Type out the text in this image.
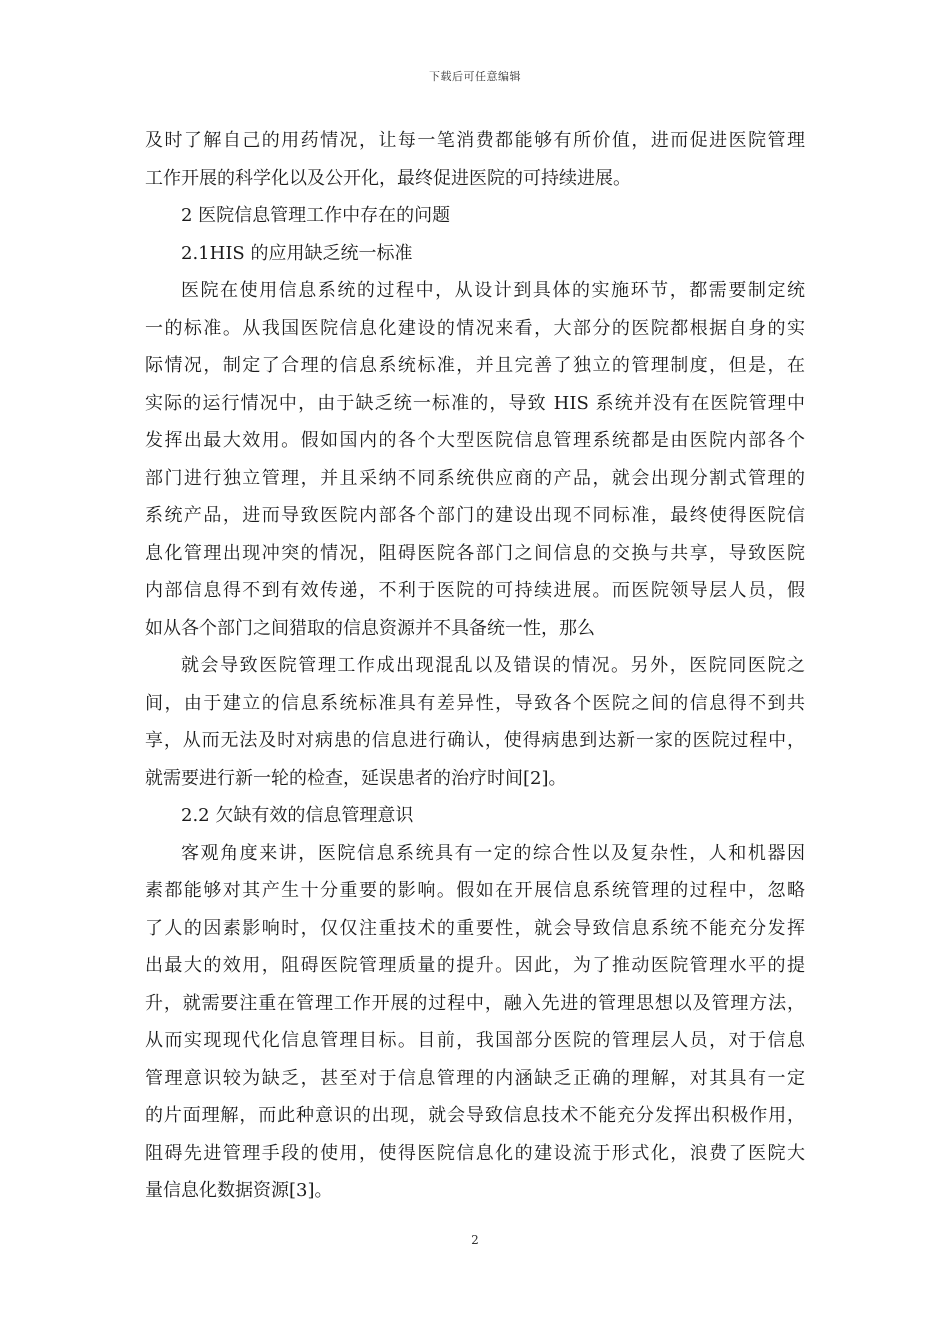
下载后可任意编辑
及时了解自己的用药情况，让每一笔消费都能够有所价值，进而促进医院管理
工作开展的科学化以及公开化，最终促进医院的可持续进展。
2 医院信息管理工作中存在的问题
2.1HIS 的应用缺乏统一标准
医院在使用信息系统的过程中，从设计到具体的实施环节，都需要制定统
一的标准。从我国医院信息化建设的情况来看，大部分的医院都根据自身的实
际情况，制定了合理的信息系统标准，并且完善了独立的管理制度，但是，在
实际的运行情况中，由于缺乏统一标准的，导致 HIS 系统并没有在医院管理中
发挥出最大效用。假如国内的各个大型医院信息管理系统都是由医院内部各个
部门进行独立管理，并且采纳不同系统供应商的产品，就会出现分割式管理的
系统产品，进而导致医院内部各个部门的建设出现不同标准，最终使得医院信
息化管理出现冲突的情况，阻碍医院各部门之间信息的交换与共享，导致医院
内部信息得不到有效传递，不利于医院的可持续进展。而医院领导层人员，假
如从各个部门之间猎取的信息资源并不具备统一性，那么
就会导致医院管理工作成出现混乱以及错误的情况。另外，医院同医院之
间，由于建立的信息系统标准具有差异性，导致各个医院之间的信息得不到共
享，从而无法及时对病患的信息进行确认，使得病患到达新一家的医院过程中，
就需要进行新一轮的检查，延误患者的治疗时间[2]。
2.2 欠缺有效的信息管理意识
客观角度来讲，医院信息系统具有一定的综合性以及复杂性，人和机器因
素都能够对其产生十分重要的影响。假如在开展信息系统管理的过程中，忽略
了人的因素影响时，仅仅注重技术的重要性，就会导致信息系统不能充分发挥
出最大的效用，阻碍医院管理质量的提升。因此，为了推动医院管理水平的提
升，就需要注重在管理工作开展的过程中，融入先进的管理思想以及管理方法，
从而实现现代化信息管理目标。目前，我国部分医院的管理层人员，对于信息
管理意识较为缺乏，甚至对于信息管理的内涵缺乏正确的理解，对其具有一定
的片面理解，而此种意识的出现，就会导致信息技术不能充分发挥出积极作用，
阻碍先进管理手段的使用，使得医院信息化的建设流于形式化，浪费了医院大
量信息化数据资源[3]。
2
